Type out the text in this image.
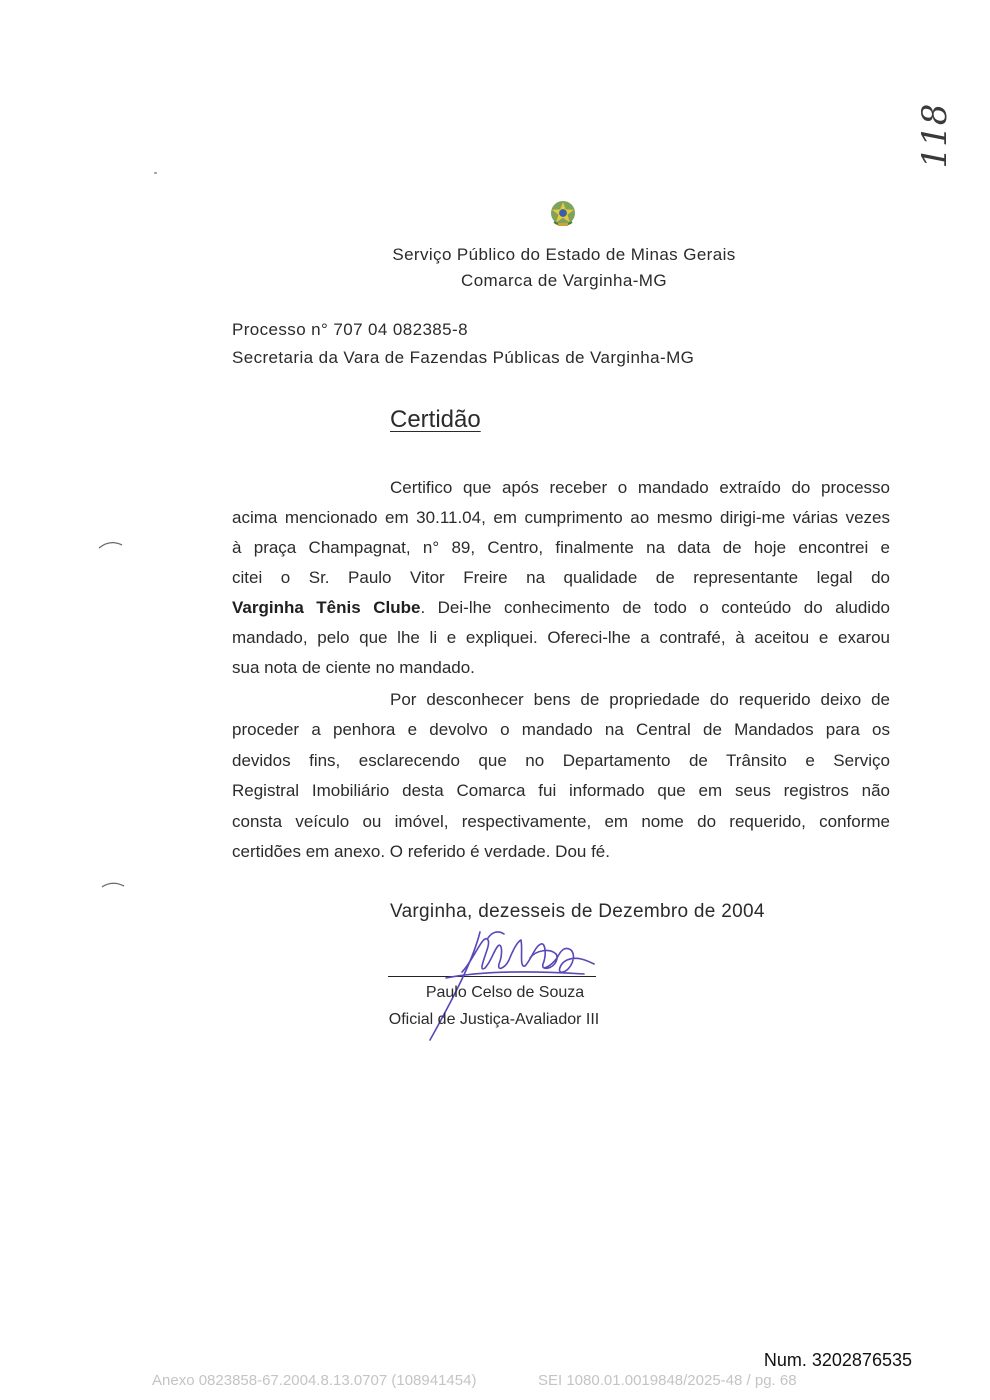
118
Serviço Público do Estado de Minas Gerais
Comarca de Varginha-MG
Processo n° 707 04 082385-8
Secretaria da Vara de Fazendas Públicas de Varginha-MG
Certidão
Certifico que após receber o mandado extraído do processo
acima mencionado em 30.11.04, em cumprimento ao mesmo dirigi-me várias vezes
à praça Champagnat, n° 89, Centro, finalmente na data de hoje encontrei e
citei o Sr. Paulo Vitor Freire na qualidade de representante legal do
Varginha Tênis Clube. Dei-lhe conhecimento de todo o conteúdo do aludido
mandado, pelo que lhe li e expliquei. Ofereci-lhe a contrafé, à aceitou e exarou
sua nota de ciente no mandado.
Por desconhecer bens de propriedade do requerido deixo de
proceder a penhora e devolvo o mandado na Central de Mandados para os
devidos fins, esclarecendo que no Departamento de Trânsito e Serviço
Registral Imobiliário desta Comarca fui informado que em seus registros não
consta veículo ou imóvel, respectivamente, em nome do requerido, conforme
certidões em anexo. O referido é verdade. Dou fé.
Varginha, dezesseis de Dezembro de 2004
Paulo Celso de Souza
Oficial de Justiça-Avaliador III
Num. 3202876535
Anexo 0823858-67.2004.8.13.0707 (108941454)	SEI 1080.01.0019848/2025-48 / pg. 68
